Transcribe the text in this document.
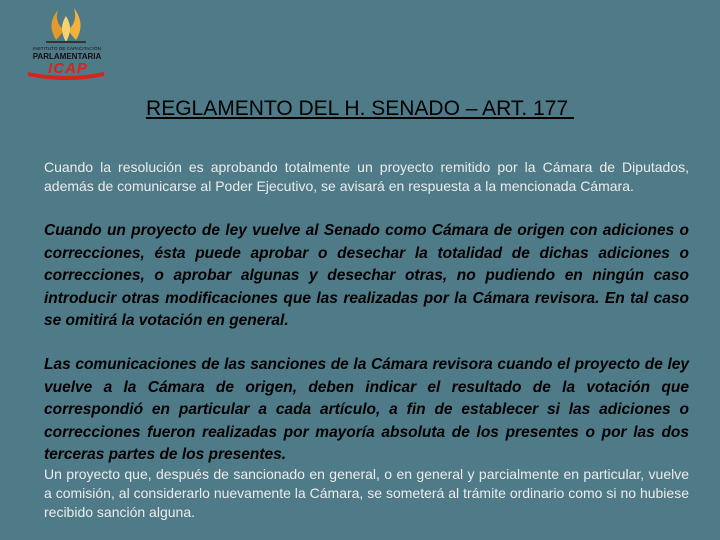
INSTITUTO DE CAPACITACIÓN
PARLAMENTARIA
ICAP
REGLAMENTO DEL H. SENADO – ART. 177

Cuando la resolución es aprobando totalmente un proyecto remitido por la Cámara de Diputados, además de comunicarse al Poder Ejecutivo, se avisará en respuesta a la mencionada Cámara.

Cuando un proyecto de ley vuelve al Senado como Cámara de origen con adiciones o correcciones, ésta puede aprobar o desechar la totalidad de dichas adiciones o correcciones, o aprobar algunas y desechar otras, no pudiendo en ningún caso introducir otras modificaciones que las realizadas por la Cámara revisora. En tal caso se omitirá la votación en general.

Las comunicaciones de las sanciones de la Cámara revisora cuando el proyecto de ley vuelve a la Cámara de origen, deben indicar el resultado de la votación que correspondió en particular a cada artículo, a fin de establecer si las adiciones o correcciones fueron realizadas por mayoría absoluta de los presentes o por las dos terceras partes de los presentes.

Un proyecto que, después de sancionado en general, o en general y parcialmente en particular, vuelve a comisión, al considerarlo nuevamente la Cámara, se someterá al trámite ordinario como si no hubiese recibido sanción alguna.
